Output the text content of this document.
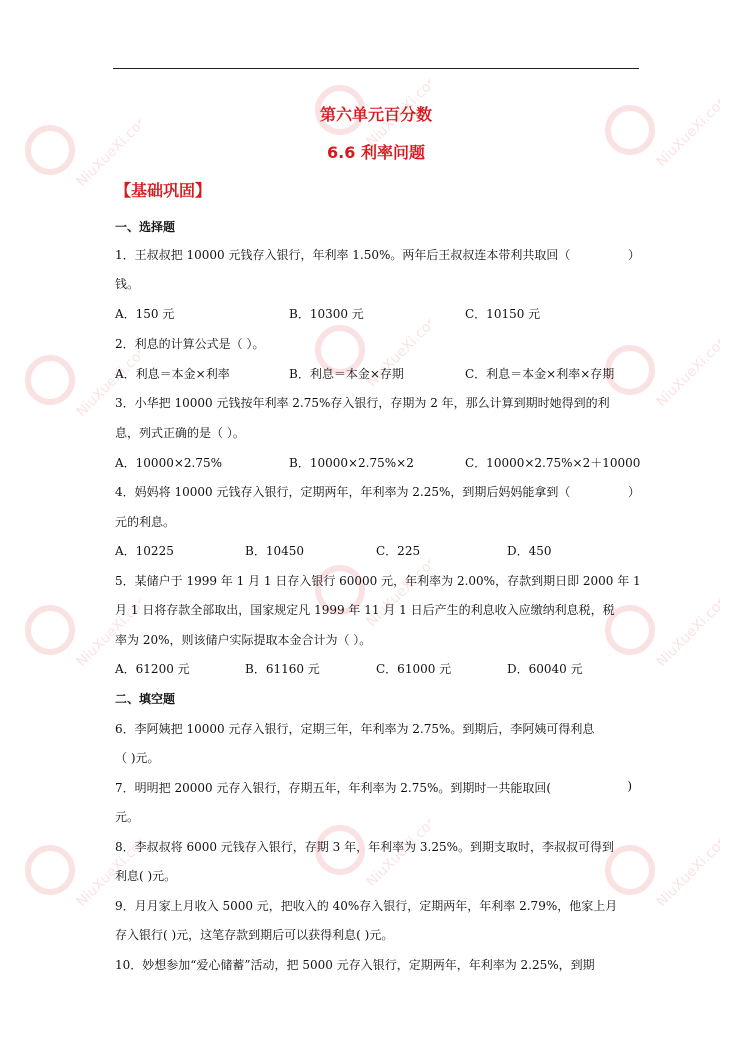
NiuXueXi.com	NiuXueXi.com	NiuXueXi.com
NiuXueXi.com	NiuXueXi.com	NiuXueXi.com
NiuXueXi.com	NiuXueXi.com	NiuXueXi.com
NiuXueXi.com	NiuXueXi.com	NiuXueXi.com
第六单元百分数
6.6 利率问题
【基础巩固】
一、选择题
1．王叔叔把 10000 元钱存入银行，年利率 1.50%。两年后王叔叔连本带利共取回（	）
钱。
A．150 元	B．10300 元	C．10150 元
2．利息的计算公式是（ ）。
A．利息＝本金×利率	B．利息＝本金×存期	C．利息＝本金×利率×存期
3．小华把 10000 元钱按年利率 2.75%存入银行，存期为 2 年，那么计算到期时她得到的利
息，列式正确的是（ ）。
A．10000×2.75%	B．10000×2.75%×2	C．10000×2.75%×2＋10000
4．妈妈将 10000 元钱存入银行，定期两年，年利率为 2.25%，到期后妈妈能拿到（	）
元的利息。
A．10225	B．10450	C．225	D．450
5．某储户于 1999 年 1 月 1 日存入银行 60000 元，年利率为 2.00%，存款到期日即 2000 年 1
月 1 日将存款全部取出，国家规定凡 1999 年 11 月 1 日后产生的利息收入应缴纳利息税，税
率为 20%，则该储户实际提取本金合计为（ ）。
A．61200 元	B．61160 元	C．61000 元	D．60040 元
二、填空题
6．李阿姨把 10000 元存入银行，定期三年，年利率为 2.75%。到期后，李阿姨可得利息
（ )元。
7．明明把 20000 元存入银行，存期五年，年利率为 2.75%。到期时一共能取回(	)
元。
8．李叔叔将 6000 元钱存入银行，存期 3 年，年利率为 3.25%。到期支取时，李叔叔可得到
利息( )元。
9．月月家上月收入 5000 元，把收入的 40%存入银行，定期两年，年利率 2.79%，他家上月
存入银行( )元，这笔存款到期后可以获得利息( )元。
10．妙想参加“爱心储蓄”活动，把 5000 元存入银行，定期两年，年利率为 2.25%，到期
